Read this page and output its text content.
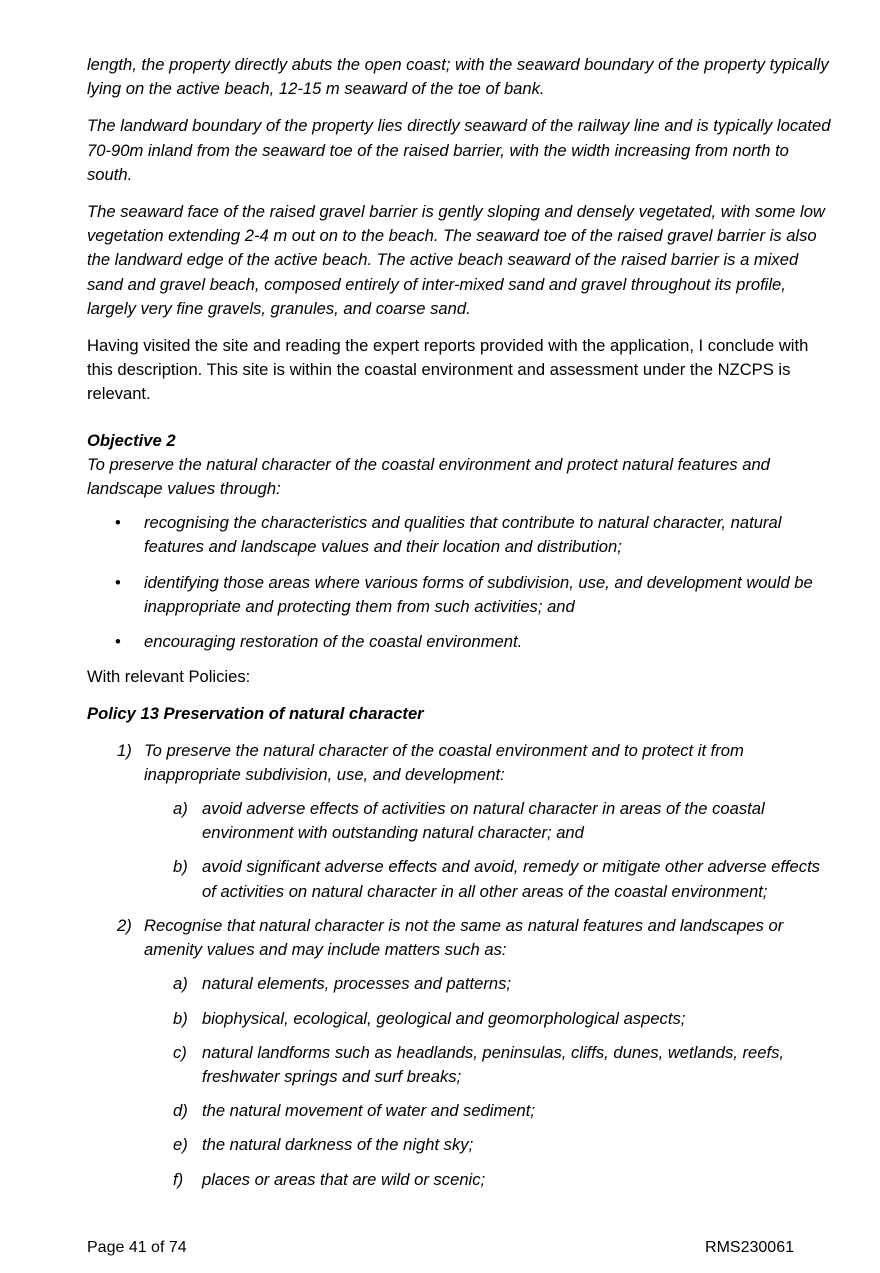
length, the property directly abuts the open coast; with the seaward boundary of the property typically lying on the active beach, 12-15 m seaward of the toe of bank.

The landward boundary of the property lies directly seaward of the railway line and is typically located 70-90m inland from the seaward toe of the raised barrier, with the width increasing from north to south.

The seaward face of the raised gravel barrier is gently sloping and densely vegetated, with some low vegetation extending 2-4 m out on to the beach. The seaward toe of the raised gravel barrier is also the landward edge of the active beach. The active beach seaward of the raised barrier is a mixed sand and gravel beach, composed entirely of inter-mixed sand and gravel throughout its profile, largely very fine gravels, granules, and coarse sand.

Having visited the site and reading the expert reports provided with the application, I conclude with this description. This site is within the coastal environment and assessment under the NZCPS is relevant.

Objective 2
To preserve the natural character of the coastal environment and protect natural features and landscape values through:
• recognising the characteristics and qualities that contribute to natural character, natural features and landscape values and their location and distribution;
• identifying those areas where various forms of subdivision, use, and development would be inappropriate and protecting them from such activities; and
• encouraging restoration of the coastal environment.

With relevant Policies:

Policy 13 Preservation of natural character
1) To preserve the natural character of the coastal environment and to protect it from inappropriate subdivision, use, and development:
a) avoid adverse effects of activities on natural character in areas of the coastal environment with outstanding natural character; and
b) avoid significant adverse effects and avoid, remedy or mitigate other adverse effects of activities on natural character in all other areas of the coastal environment;
2) Recognise that natural character is not the same as natural features and landscapes or amenity values and may include matters such as:
a) natural elements, processes and patterns;
b) biophysical, ecological, geological and geomorphological aspects;
c) natural landforms such as headlands, peninsulas, cliffs, dunes, wetlands, reefs, freshwater springs and surf breaks;
d) the natural movement of water and sediment;
e) the natural darkness of the night sky;
f) places or areas that are wild or scenic;
Page 41 of 74	RMS230061
